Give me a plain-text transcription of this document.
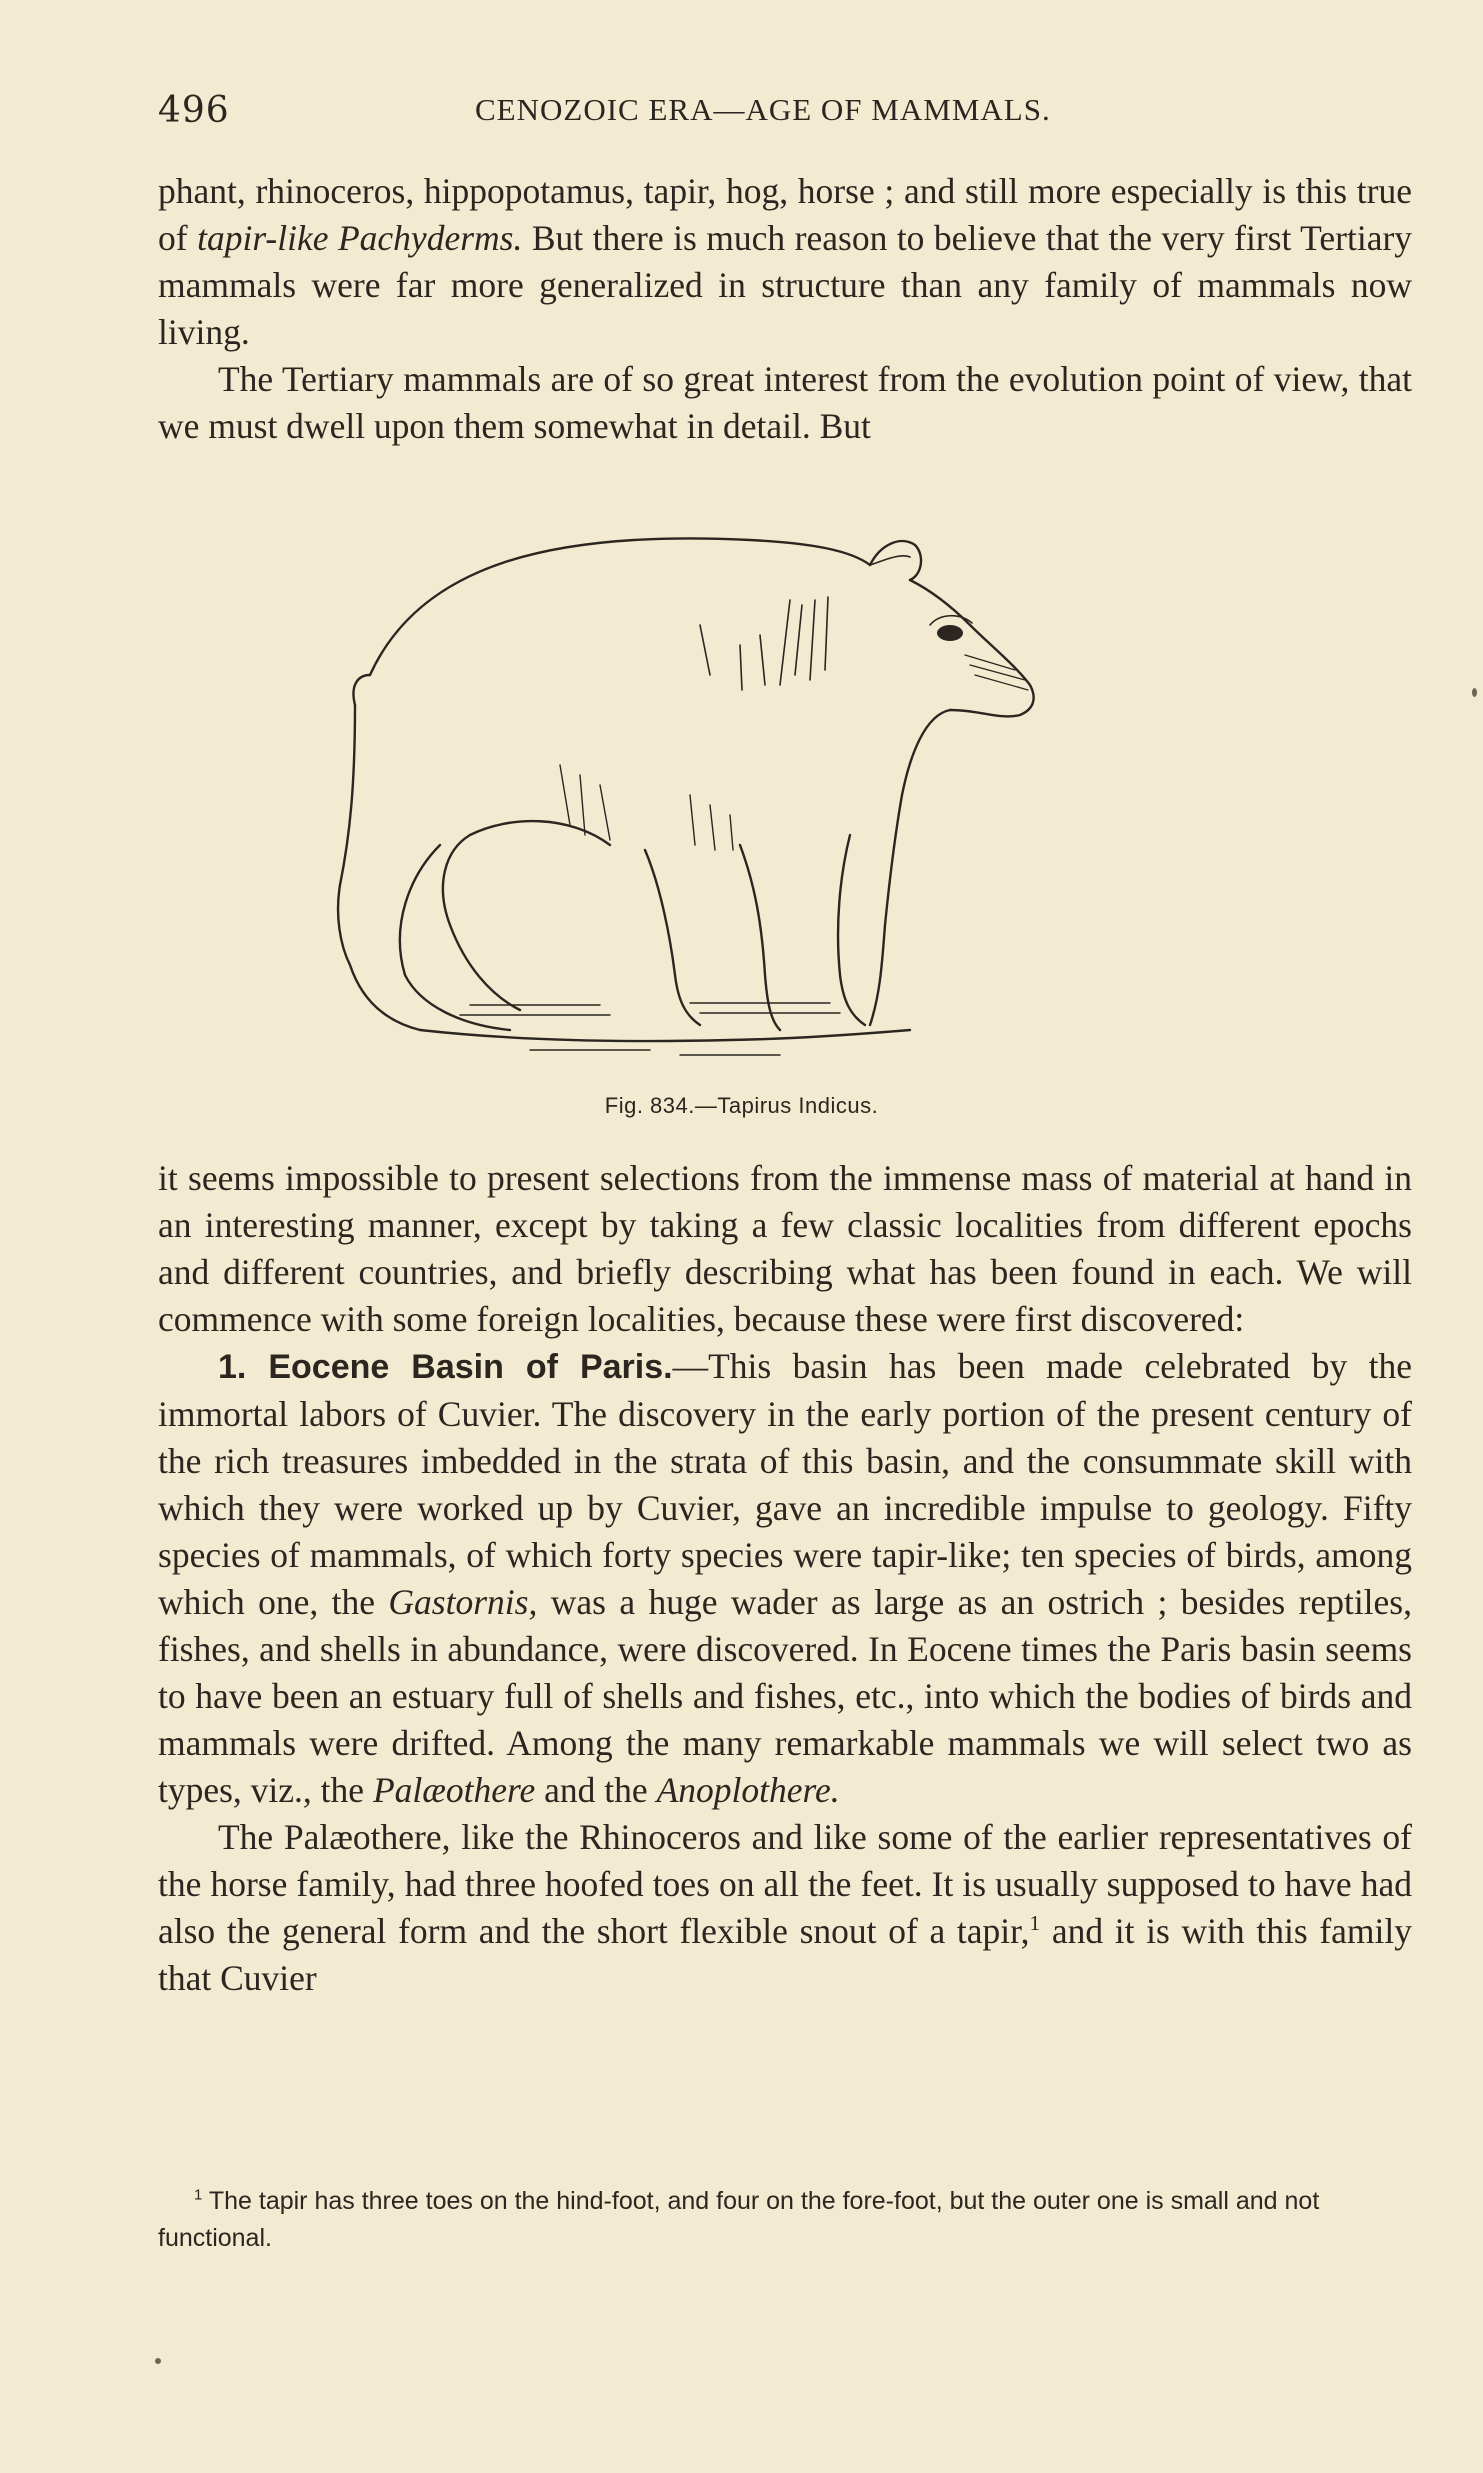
496	CENOZOIC ERA—AGE OF MAMMALS.

phant, rhinoceros, hippopotamus, tapir, hog, horse ; and still more especially is this true of tapir-like Pachyderms. But there is much reason to believe that the very first Tertiary mammals were far more generalized in structure than any family of mammals now living.

The Tertiary mammals are of so great interest from the evolution point of view, that we must dwell upon them somewhat in detail. But

Fig. 834.—Tapirus Indicus.

it seems impossible to present selections from the immense mass of material at hand in an interesting manner, except by taking a few classic localities from different epochs and different countries, and briefly describing what has been found in each. We will commence with some foreign localities, because these were first discovered:

1. Eocene Basin of Paris.—This basin has been made celebrated by the immortal labors of Cuvier. The discovery in the early portion of the present century of the rich treasures imbedded in the strata of this basin, and the consummate skill with which they were worked up by Cuvier, gave an incredible impulse to geology. Fifty species of mammals, of which forty species were tapir-like; ten species of birds, among which one, the Gastornis, was a huge wader as large as an ostrich ; besides reptiles, fishes, and shells in abundance, were discovered. In Eocene times the Paris basin seems to have been an estuary full of shells and fishes, etc., into which the bodies of birds and mammals were drifted. Among the many remarkable mammals we will select two as types, viz., the Palæothere and the Anoplothere.

The Palæothere, like the Rhinoceros and like some of the earlier representatives of the horse family, had three hoofed toes on all the feet. It is usually supposed to have had also the general form and the short flexible snout of a tapir,$^1$ and it is with this family that Cuvier

$^1$ The tapir has three toes on the hind-foot, and four on the fore-foot, but the outer one is small and not functional.
